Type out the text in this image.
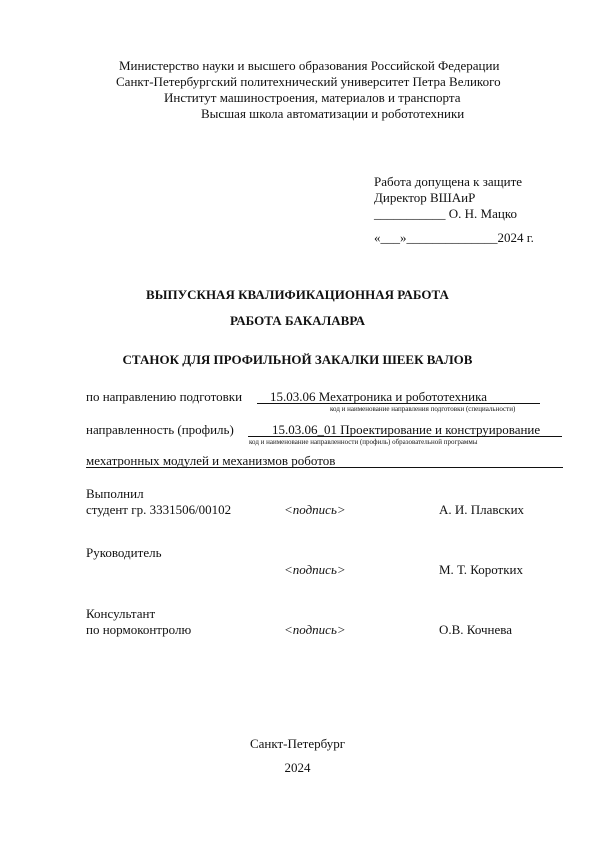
Министерство науки и высшего образования Российской Федерации
Санкт-Петербургский политехнический университет Петра Великого
Институт машиностроения, материалов и транспорта
Высшая школа автоматизации и робототехники
Работа допущена к защите
Директор ВШАиР
___________ О. Н. Мацко
«___»______________2024 г.
ВЫПУСКНАЯ КВАЛИФИКАЦИОННАЯ РАБОТА
РАБОТА БАКАЛАВРА
СТАНОК ДЛЯ ПРОФИЛЬНОЙ ЗАКАЛКИ ШЕЕК ВАЛОВ
по направлению подготовки 15.03.06 Мехатроника и робототехника
код и наименование направления подготовки (специальности)
направленность (профиль)	15.03.06_01 Проектирование и конструирование
код и наименование направленности (профиль) образовательной программы
мехатронных модулей и механизмов роботов
Выполнил
студент гр. 3331506/00102	<подпись>	А. И. Плавских
Руководитель
<подпись>	М. Т. Коротких
Консультант
по нормоконтролю	<подпись>	О.В. Кочнева
Санкт-Петербург
2024
